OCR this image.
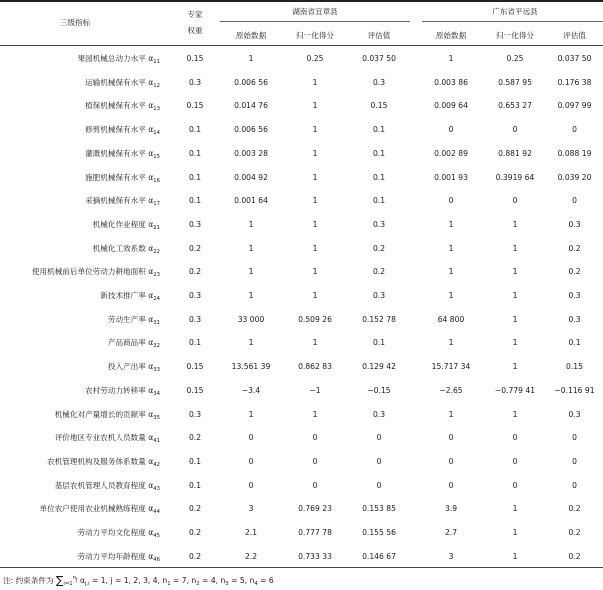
三级指标
专家
权重
湖南省宜章县	广东省平远县
原始数据	归一化得分	评估值	原始数据	归一化得分	评估值
果园机械总动力水平 $\alpha_{11}$	0.15	1	0.25	0.037 50	1	0.25	0.037 50
运输机械保有水平 $\alpha_{12}$	0.3	0.006 56	1	0.3	0.003 86	0.587 95	0.176 38
植保机械保有水平 $\alpha_{13}$	0.15	0.014 76	1	0.15	0.009 64	0.653 27	0.097 99
修剪机械保有水平 $\alpha_{14}$	0.1	0.006 56	1	0.1	0	0	0
灌溉机械保有水平 $\alpha_{15}$	0.1	0.003 28	1	0.1	0.002 89	0.881 92	0.088 19
施肥机械保有水平 $\alpha_{16}$	0.1	0.004 92	1	0.1	0.001 93	0.3919 64	0.039 20
采摘机械保有水平 $\alpha_{17}$	0.1	0.001 64	1	0.1	0	0	0
机械化作业程度 $\alpha_{21}$	0.3	1	1	0.3	1	1	0.3
机械化工效系数 $\alpha_{22}$	0.2	1	1	0.2	1	1	0.2
使用机械前后单位劳动力耕地面积 $\alpha_{23}$	0.2	1	1	0.2	1	1	0.2
新技术推广率 $\alpha_{24}$	0.3	1	1	0.3	1	1	0.3
劳动生产率 $\alpha_{31}$	0.3	33 000	0.509 26	0.152 78	64 800	1	0.3
产品商品率 $\alpha_{32}$	0.1	1	1	0.1	1	1	0.1
投入产出率 $\alpha_{33}$	0.15	13.561 39	0.862 83	0.129 42	15.717 34	1	0.15
农村劳动力转移率 $\alpha_{34}$	0.15	−3.4	−1	−0.15	−2.65	−0.779 41	−0.116 91
机械化对产量增长的贡献率 $\alpha_{35}$	0.3	1	1	0.3	1	1	0.3
评价地区专业农机人员数量 $\alpha_{41}$	0.2	0	0	0	0	0	0
农机管理机构及服务体系数量 $\alpha_{42}$	0.1	0	0	0	0	0	0
基层农机管理人员教育程度 $\alpha_{43}$	0.1	0	0	0	0	0	0
单位农户使用农业机械熟练程度 $\alpha_{44}$	0.2	3	0.769 23	0.153 85	3.9	1	0.2
劳动力平均文化程度 $\alpha_{45}$	0.2	2.1	0.777 78	0.155 56	2.7	1	0.2
劳动力平均年龄程度 $\alpha_{46}$	0.2	2.2	0.733 33	0.146 67	3	1	0.2
注: 约束条件为 $\sum_{i=1}^{n_j}$ $\alpha_{j,i} = 1$, j = 1, 2, 3, 4, $n_1 = 7$, $n_2 = 4$, $n_3 = 5$, $n_4 = 6$
